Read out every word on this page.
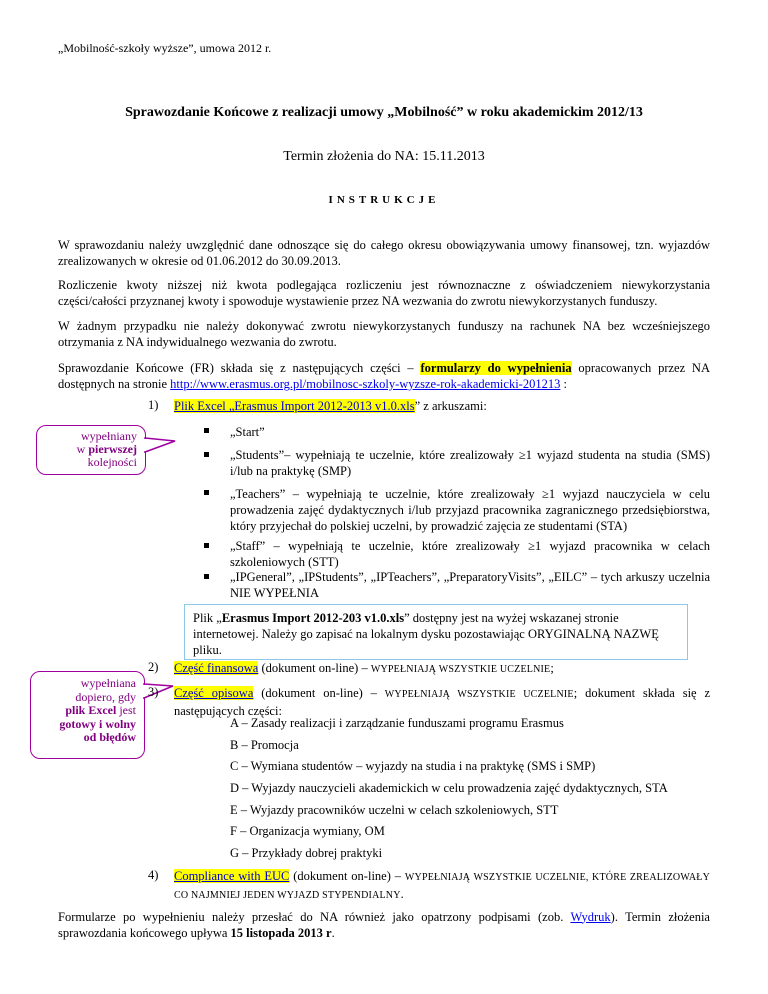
„Mobilność-szkoły wyższe”, umowa 2012 r.
Sprawozdanie Końcowe z realizacji umowy „Mobilność” w roku akademickim 2012/13
Termin złożenia do NA: 15.11.2013
INSTRUKCJE
W sprawozdaniu należy uwzględnić dane odnoszące się do całego okresu obowiązywania umowy finansowej, tzn. wyjazdów zrealizowanych w okresie od 01.06.2012 do 30.09.2013.
Rozliczenie kwoty niższej niż kwota podlegająca rozliczeniu jest równoznaczne z oświadczeniem niewykorzystania części/całości przyznanej kwoty i spowoduje wystawienie przez NA wezwania do zwrotu niewykorzystanych funduszy.
W żadnym przypadku nie należy dokonywać zwrotu niewykorzystanych funduszy na rachunek NA bez wcześniejszego otrzymania z NA indywidualnego wezwania do zwrotu.
Sprawozdanie Końcowe (FR) składa się z następujących części – formularzy do wypełnienia opracowanych przez NA dostępnych na stronie http://www.erasmus.org.pl/mobilnosc-szkoly-wyzsze-rok-akademicki-201213 :
1) Plik Excel „Erasmus Import 2012-2013 v1.0.xls” z arkuszami:
wypełniany
w pierwszej
kolejności
„Start”
„Students”– wypełniają te uczelnie, które zrealizowały ≥1 wyjazd studenta na studia (SMS) i/lub na praktykę (SMP)
„Teachers” – wypełniają te uczelnie, które zrealizowały ≥1 wyjazd nauczyciela w celu prowadzenia zajęć dydaktycznych i/lub przyjazd pracownika zagranicznego przedsiębiorstwa, który przyjechał do polskiej uczelni, by prowadzić zajęcia ze studentami (STA)
„Staff” – wypełniają te uczelnie, które zrealizowały ≥1 wyjazd pracownika w celach szkoleniowych (STT)
Plik „Erasmus Import 2012-203 v1.0.xls” dostępny jest na wyżej wskazanej stronie internetowej. Należy go zapisać na lokalnym dysku pozostawiając ORYGINALNĄ NAZWĘ pliku.
wypełniana
dopiero, gdy
plik Excel jest
gotowy i wolny
od błędów
2) Część finansowa (dokument on-line) – WYPEŁNIAJĄ WSZYSTKIE UCZELNIE;
3) Część opisowa (dokument on-line) – WYPEŁNIAJĄ WSZYSTKIE UCZELNIE; dokument składa się z następujących części:
A – Zasady realizacji i zarządzanie funduszami programu Erasmus
B – Promocja
C – Wymiana studentów – wyjazdy na studia i na praktykę (SMS i SMP)
D – Wyjazdy nauczycieli akademickich w celu prowadzenia zajęć dydaktycznych, STA
E – Wyjazdy pracowników uczelni w celach szkoleniowych, STT
F – Organizacja wymiany, OM
G – Przykłady dobrej praktyki
4) Compliance with EUC (dokument on-line) – WYPEŁNIAJĄ WSZYSTKIE UCZELNIE, KTÓRE ZREALIZOWAŁY CO NAJMNIEJ JEDEN WYJAZD STYPENDIALNY.
Formularze po wypełnieniu należy przesłać do NA również jako opatrzony podpisami (zob. Wydruk). Termin złożenia sprawozdania końcowego upływa 15 listopada 2013 r.
„IPGeneral”, „IPStudents”, „IPTeachers”, „PreparatoryVisits”, „EILC” – tych arkuszy uczelnia NIE WYPEŁNIA
